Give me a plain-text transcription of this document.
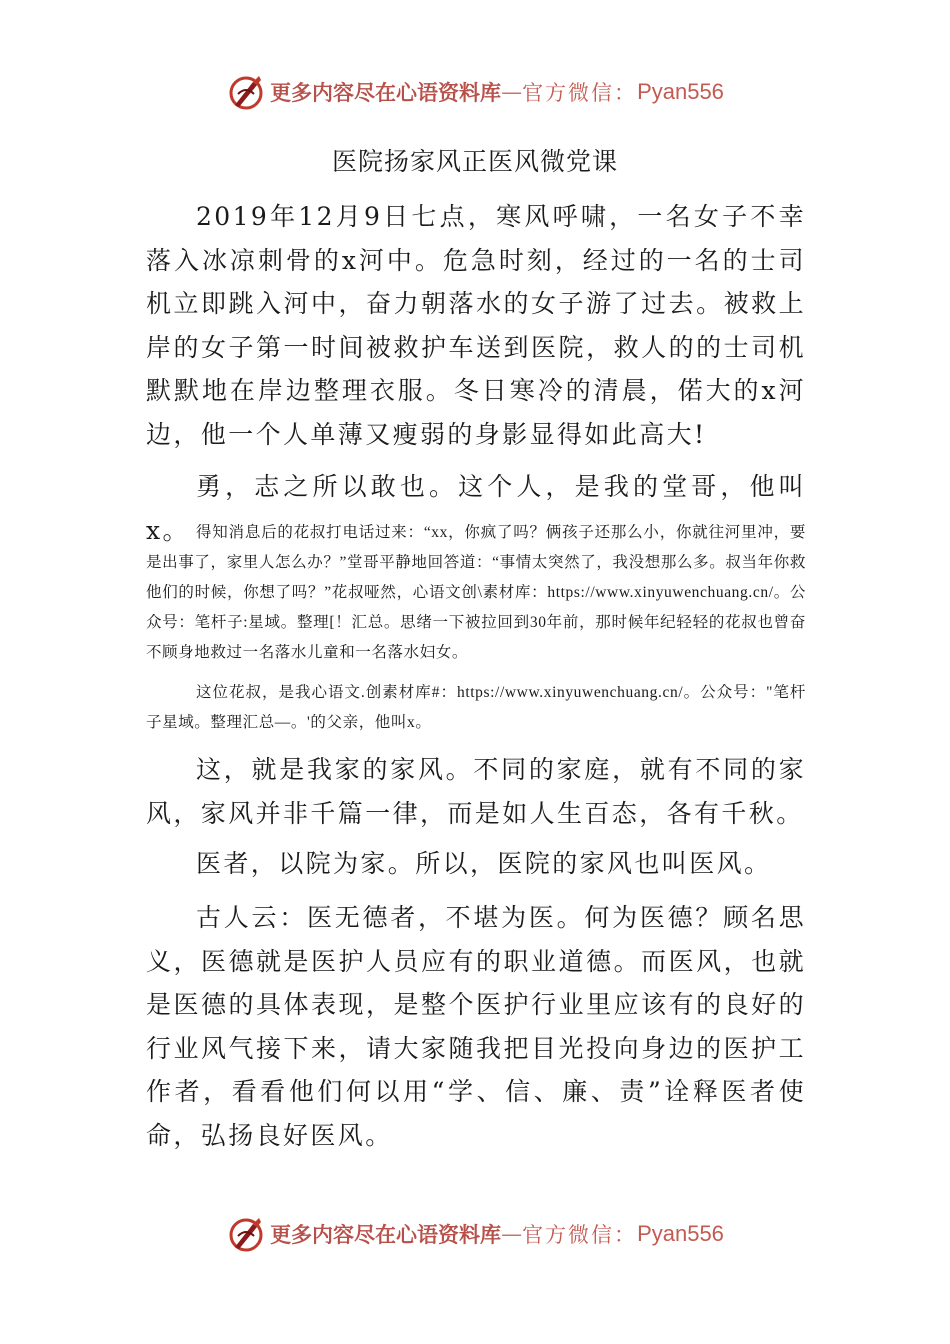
更多内容尽在心语资料库 — 官方微信： Pyan556
医院扬家风正医风微党课

2019年12月9日七点，寒风呼啸，一名女子不幸落入冰凉刺骨的x河中。危急时刻，经过的一名的士司机立即跳入河中，奋力朝落水的女子游了过去。被救上岸的女子第一时间被救护车送到医院，救人的的士司机默默地在岸边整理衣服。冬日寒冷的清晨，偌大的x河边，他一个人单薄又瘦弱的身影显得如此高大!

勇，志之所以敢也。这个人，是我的堂哥，他叫x。 得知消息后的花叔打电话过来：“xx，你疯了吗？俩孩子还那么小，你就往河里冲，要是出事了，家里人怎么办？”堂哥平静地回答道：“事情太突然了，我没想那么多。叔当年你救他们的时候，你想了吗？”花叔哑然，心语文创\素材库：https://www.xinyuwenchuang.cn/。公众号：笔杆子:星域。整理[！汇总。思绪一下被拉回到30年前，那时候年纪轻轻的花叔也曾奋不顾身地救过一名落水儿童和一名落水妇女。

这位花叔，是我心语文.创素材库#：https://www.xinyuwenchuang.cn/。公众号："笔杆子星域。整理汇总—。'的父亲，他叫x。

这，就是我家的家风。不同的家庭，就有不同的家风，家风并非千篇一律，而是如人生百态，各有千秋。

医者，以院为家。所以，医院的家风也叫医风。

古人云：医无德者，不堪为医。何为医德？顾名思义，医德就是医护人员应有的职业道德。而医风，也就是医德的具体表现，是整个医护行业里应该有的良好的行业风气接下来，请大家随我把目光投向身边的医护工作者，看看他们何以用“学、信、廉、责”诠释医者使命，弘扬良好医风。

更多内容尽在心语资料库 — 官方微信： Pyan556
